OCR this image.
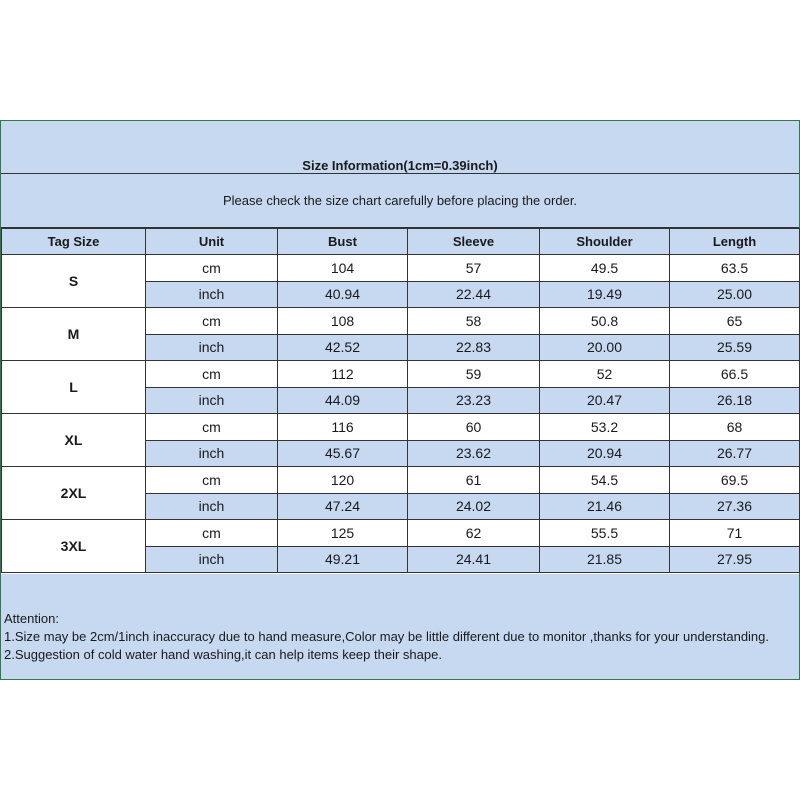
Size Information(1cm=0.39inch)
Please check the size chart carefully before placing the order.
Tag Size	Unit	Bust	Sleeve	Shoulder	Length
S	cm	104	57	49.5	63.5
	inch	40.94	22.44	19.49	25.00
M	cm	108	58	50.8	65
	inch	42.52	22.83	20.00	25.59
L	cm	112	59	52	66.5
	inch	44.09	23.23	20.47	26.18
XL	cm	116	60	53.2	68
	inch	45.67	23.62	20.94	26.77
2XL	cm	120	61	54.5	69.5
	inch	47.24	24.02	21.46	27.36
3XL	cm	125	62	55.5	71
	inch	49.21	24.41	21.85	27.95
Attention:
1.Size may be 2cm/1inch inaccuracy due to hand measure,Color may be little different due to monitor ,thanks for your understanding.
2.Suggestion of cold water hand washing,it can help items keep their shape.
